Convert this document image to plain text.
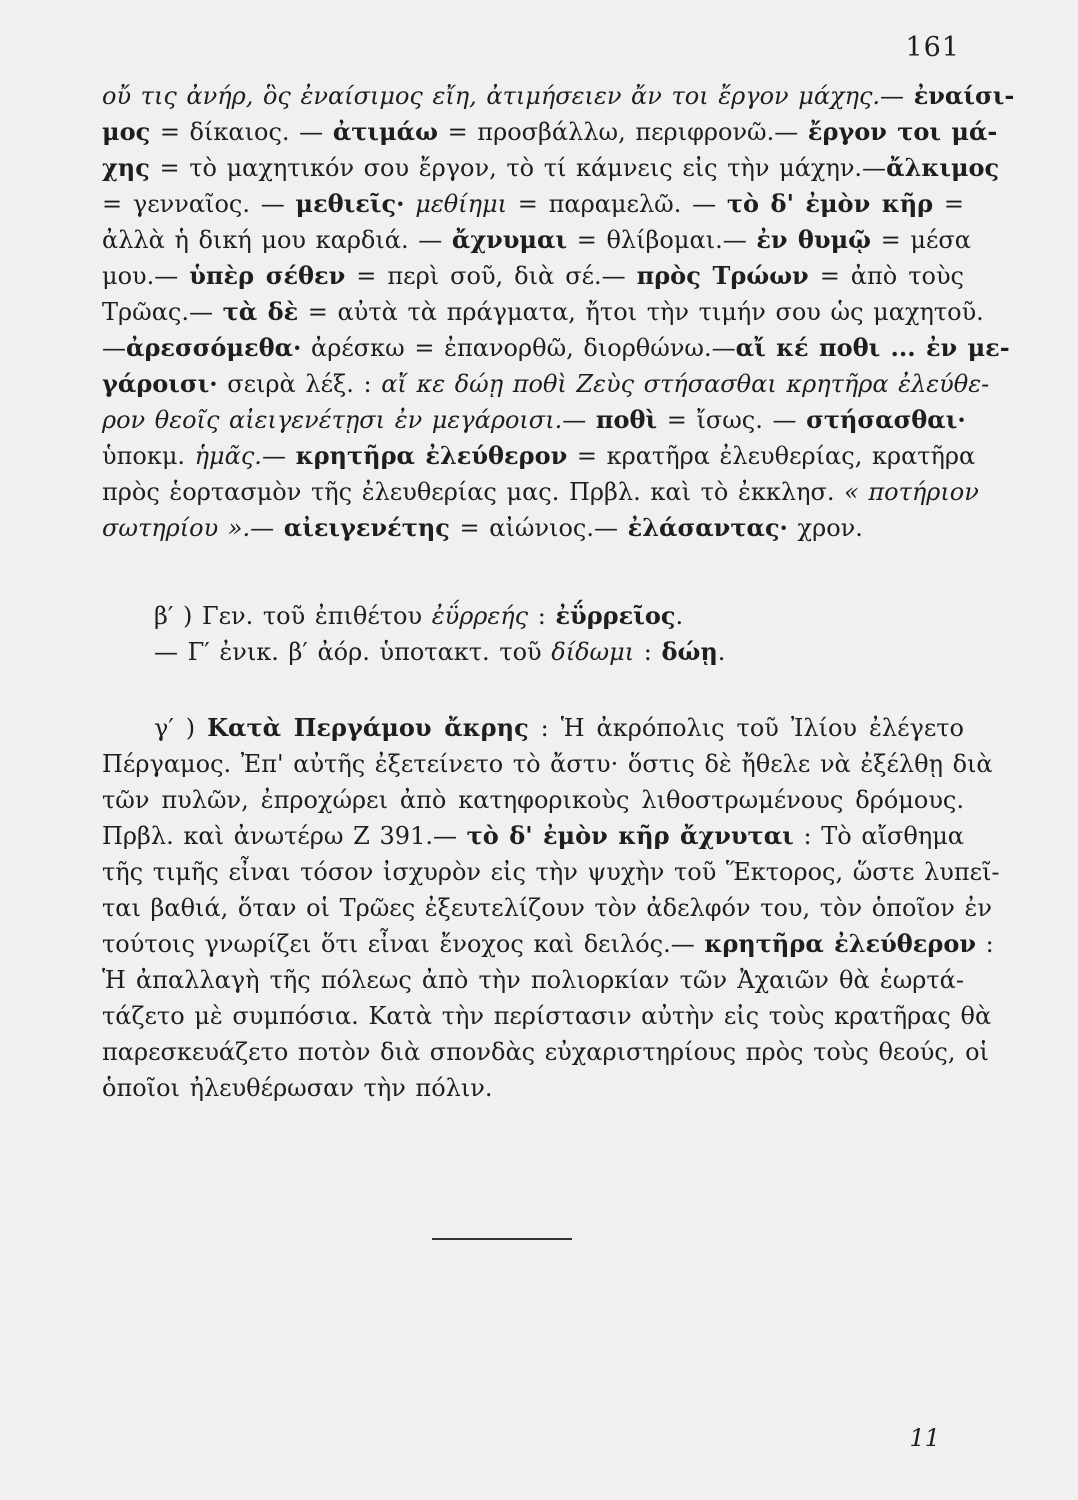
161
οὔ τις ἀνήρ, ὃς ἐναίσιμος εἴη, ἀτιμήσειεν ἄν τοι ἔργον μάχης.— ἐναίσι-
μος = δίκαιος. — ἀτιμάω = προσβάλλω, περιφρονῶ.— ἔργον τοι μά-
χης = τὸ μαχητικόν σου ἔργον, τὸ τί κάμνεις εἰς τὴν μάχην.—ἄλκιμος
= γενναῖος. — μεθιεῖς· μεθίημι = παραμελῶ. — τὸ δ' ἐμὸν κῆρ =
ἀλλὰ ἡ δική μου καρδιά. — ἄχνυμαι = θλίβομαι.— ἐν θυμῷ = μέσα
μου.— ὑπὲρ σέθεν = περὶ σοῦ, διὰ σέ.— πρὸς Τρώων = ἀπὸ τοὺς
Τρῶας.— τὰ δὲ = αὐτὰ τὰ πράγματα, ἤτοι τὴν τιμήν σου ὡς μαχητοῦ.
—ἀρεσσόμεθα· ἀρέσκω = ἐπανορθῶ, διορθώνω.—αἴ κέ ποθι ... ἐν με-
γάροισι· σειρὰ λέξ. : αἴ κε δώῃ ποθὶ Ζεὺς στήσασθαι κρητῆρα ἐλεύθε-
ρον θεοῖς αἰειγενέτῃσι ἐν μεγάροισι.— ποθὶ = ἴσως. — στήσασθαι·
ὑποκμ. ἡμᾶς.— κρητῆρα ἐλεύθερον = κρατῆρα ἐλευθερίας, κρατῆρα
πρὸς ἑορτασμὸν τῆς ἐλευθερίας μας. Πρβλ. καὶ τὸ ἐκκλησ. « ποτήριον
σωτηρίου ».— αἰειγενέτης = αἰώνιος.— ἐλάσαντας· χρον.
β′ ) Γεν. τοῦ ἐπιθέτου ἐΰρρεής : ἐΰρρεῖος.
— Γ′ ἐνικ. β′ ἀόρ. ὑποτακτ. τοῦ δίδωμι : δώῃ.
γ′ ) Κατὰ Περγάμου ἄκρης : Ἡ ἀκρόπολις τοῦ Ἰλίου ἐλέγετο
Πέργαμος. Ἐπ' αὐτῆς ἐξετείνετο τὸ ἄστυ· ὅστις δὲ ἤθελε νὰ ἐξέλθῃ διὰ
τῶν πυλῶν, ἐπροχώρει ἀπὸ κατηφορικοὺς λιθοστρωμένους δρόμους.
Πρβλ. καὶ ἀνωτέρω Ζ 391.— τὸ δ' ἐμὸν κῆρ ἄχνυται : Τὸ αἴσθημα
τῆς τιμῆς εἶναι τόσον ἰσχυρὸν εἰς τὴν ψυχὴν τοῦ Ἕκτορος, ὥστε λυπεῖ-
ται βαθιά, ὅταν οἱ Τρῶες ἐξευτελίζουν τὸν ἀδελφόν του, τὸν ὁποῖον ἐν
τούτοις γνωρίζει ὅτι εἶναι ἔνοχος καὶ δειλός.— κρητῆρα ἐλεύθερον :
Ἡ ἀπαλλαγὴ τῆς πόλεως ἀπὸ τὴν πολιορκίαν τῶν Ἀχαιῶν θὰ ἑωρτά-
τάζετο μὲ συμπόσια. Κατὰ τὴν περίστασιν αὐτὴν εἰς τοὺς κρατῆρας θὰ
παρεσκευάζετο ποτὸν διὰ σπονδὰς εὐχαριστηρίους πρὸς τοὺς θεούς, οἱ
ὁποῖοι ἠλευθέρωσαν τὴν πόλιν.
11
